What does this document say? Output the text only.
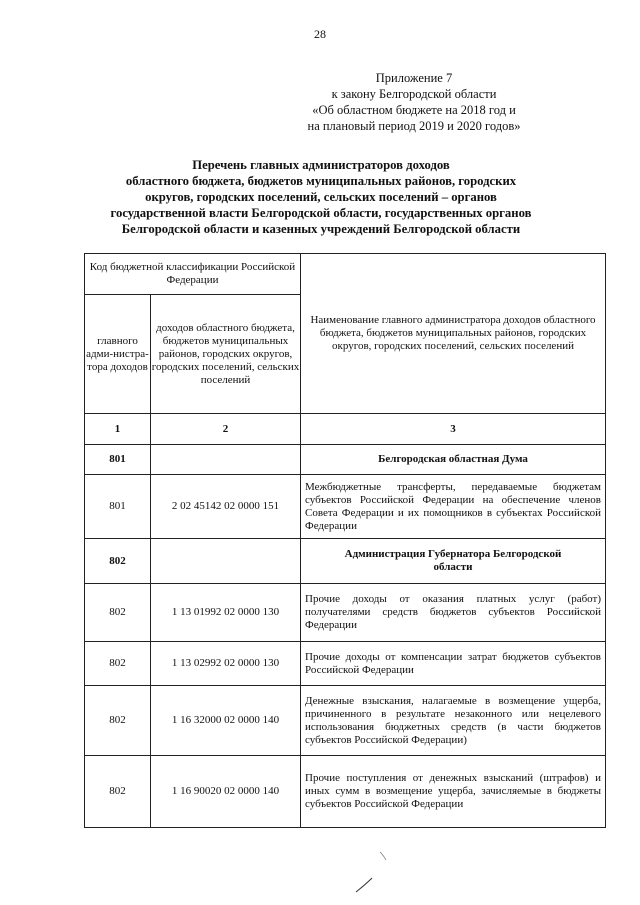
28
Приложение 7
к закону Белгородской области
«Об областном бюджете на 2018 год и
на плановый период 2019 и 2020 годов»
Перечень главных администраторов доходов
областного бюджета, бюджетов муниципальных районов, городских
округов, городских поселений, сельских поселений – органов
государственной власти Белгородской области, государственных органов
Белгородской области и казенных учреждений Белгородской области
Код бюджетной классификации Российской Федерации		Наименование главного администратора доходов областного бюджета, бюджетов муниципальных районов, городских округов, городских поселений, сельских поселений
главного адми-нистра-тора доходов	доходов областного бюджета, бюджетов муниципальных районов, городских округов, городских поселений, сельских поселений	
1	2	3
801		Белгородская областная Дума
801	2 02 45142 02 0000 151	Межбюджетные трансферты, передаваемые бюджетам субъектов Российской Федерации на обеспечение членов Совета Федерации и их помощников в субъектах Российской Федерации
802		Администрация Губернатора Белгородской области
802	1 13 01992 02 0000 130	Прочие доходы от оказания платных услуг (работ) получателями средств бюджетов субъектов Российской Федерации
802	1 13 02992 02 0000 130	Прочие доходы от компенсации затрат бюджетов субъектов Российской Федерации
802	1 16 32000 02 0000 140	Денежные взыскания, налагаемые в возмещение ущерба, причиненного в результате незаконного или нецелевого использования бюджетных средств (в части бюджетов субъектов Российской Федерации)
802	1 16 90020 02 0000 140	Прочие поступления от денежных взысканий (штрафов) и иных сумм в возмещение ущерба, зачисляемые в бюджеты субъектов Российской Федерации
